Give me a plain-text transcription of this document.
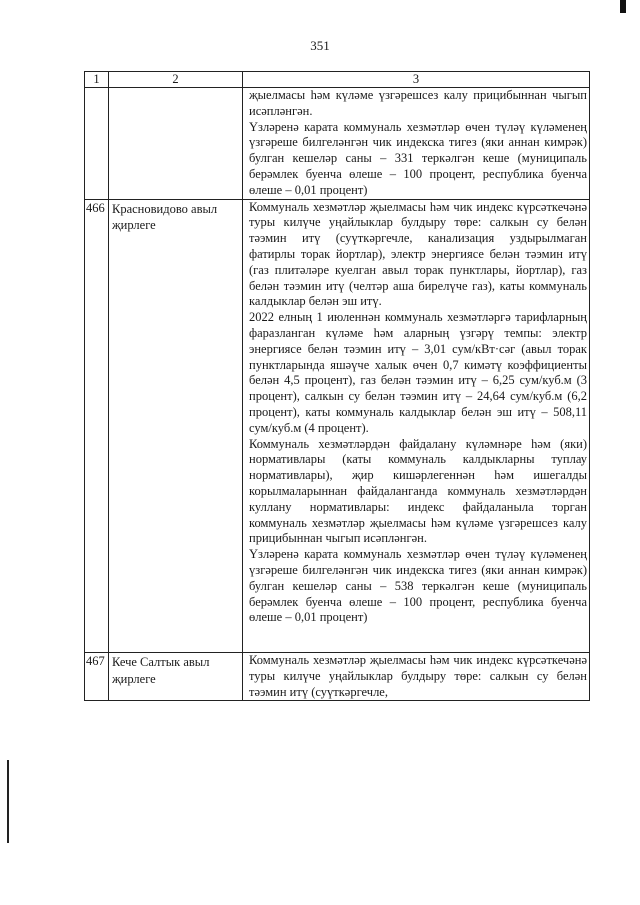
351
1	2	3

		җыелмасы һәм күләме үзгәрешсез калу прицибыннан чыгып исәпләнгән.

Үзләренә карата коммуналь хезмәтләр өчен түләү күләменең үзгәреше билгеләнгән чик индекска тигез (яки аннан кимрәк) булган кешеләр саны – 331 теркәлгән кеше (муниципаль берәмлек буенча өлеше – 100 процент, республика буенча өлеше – 0,01 процент)

466	Красновидово авыл җирлеге	Коммуналь хезмәтләр җыелмасы һәм чик индекс күрсәткечәнә туры килүче уңайлыклар булдыру төре: салкын су белән тәэмин итү (суүткәргечле, канализация уздырылмаган фатирлы торак йортлар), электр энергиясе белән тәэмин итү (газ плитәләре куелган авыл торак пунктлары, йортлар), газ белән тәэмин итү (челтәр аша бирелүче газ), каты коммуналь калдыклар белән эш итү.

2022 елның 1 июленнән коммуналь хезмәтләргә тарифларның фаразланган күләме һәм аларның үзгәрү темпы: электр энергиясе белән тәэмин итү – 3,01 сум/кВт·сәг (авыл торак пунктларында яшәүче халык өчен 0,7 кимәтү коэффициенты белән 4,5 процент), газ белән тәэмин итү – 6,25 сум/куб.м (3 процент), салкын су белән тәэмин итү – 24,64 сум/куб.м (6,2 процент), каты коммуналь калдыклар белән эш итү – 508,11 сум/куб.м (4 процент).

Коммуналь хезмәтләрдән файдалану күләмнәре һәм (яки) нормативлары (каты коммуналь калдыкларны туплау нормативлары), җир кишәрлегеннән һәм ишегалды корылмаларыннан файдаланганда коммуналь хезмәтләрдән куллану нормативлары: индекс файдаланыла торган коммуналь хезмәтләр җыелмасы һәм күләме үзгәрешсез калу прицибыннан чыгып исәпләнгән.

Үзләренә карата коммуналь хезмәтләр өчен түләү күләменең үзгәреше билгеләнгән чик индекска тигез (яки аннан кимрәк) булган кешеләр саны – 538 теркәлгән кеше (муниципаль берәмлек буенча өлеше – 100 процент, республика буенча өлеше – 0,01 процент)

467	Кече Салтык авыл җирлеге	Коммуналь хезмәтләр җыелмасы һәм чик индекс күрсәткечәнә туры килүче уңайлыклар булдыру төре: салкын су белән тәэмин итү (суүткәргечле,
